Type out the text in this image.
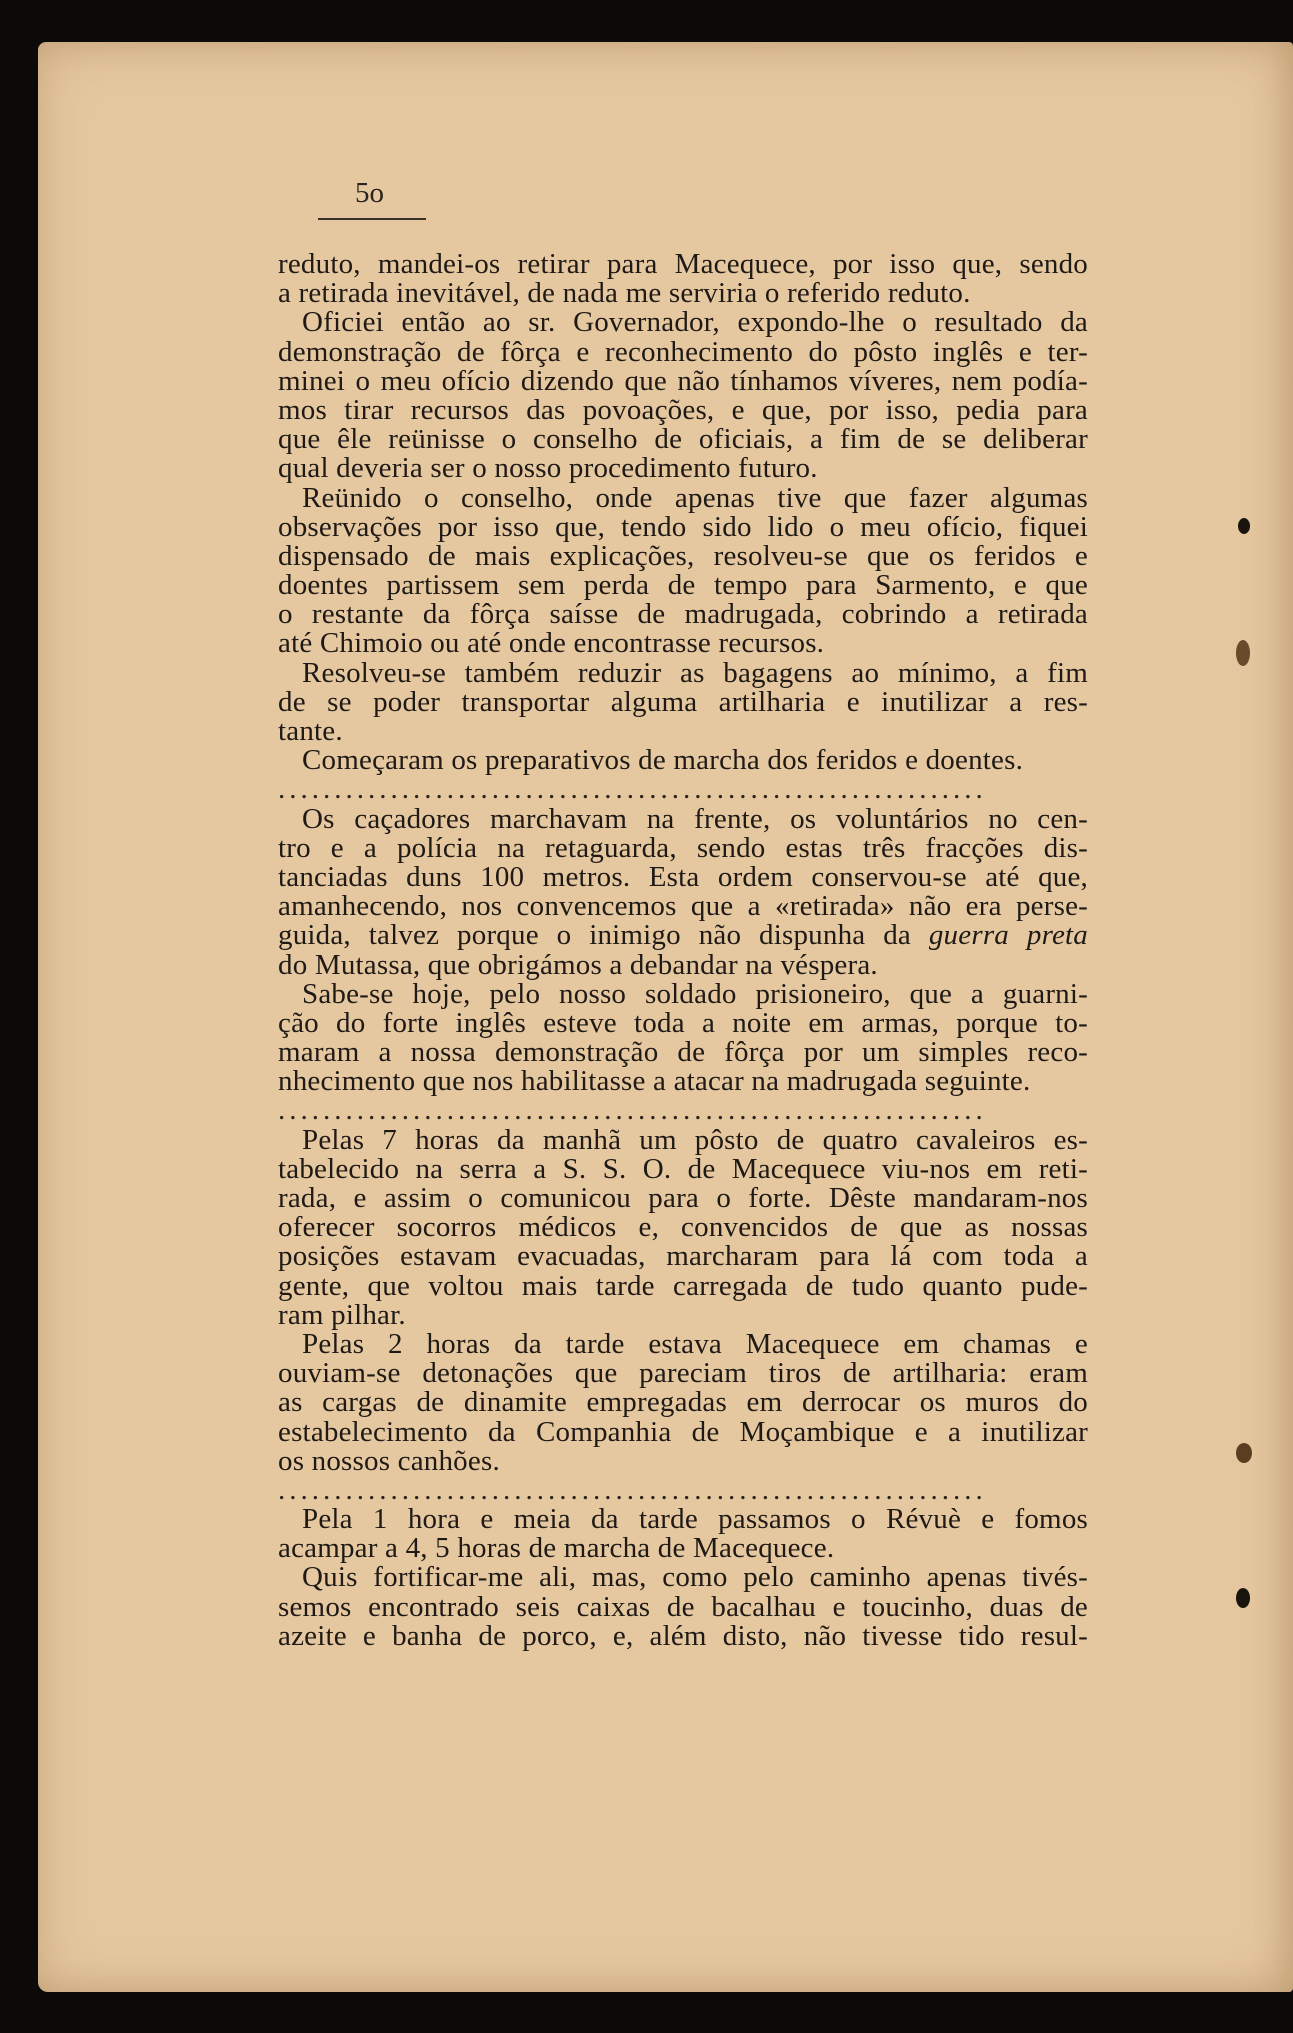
5o
reduto, mandei-os retirar para Macequece, por isso que, sendo
a retirada inevitável, de nada me serviria o referido reduto.
Oficiei então ao sr. Governador, expondo-lhe o resultado da
demonstração de fôrça e reconhecimento do pôsto inglês e ter-
minei o meu ofício dizendo que não tínhamos víveres, nem podía-
mos tirar recursos das povoações, e que, por isso, pedia para
que êle reünisse o conselho de oficiais, a fim de se deliberar
qual deveria ser o nosso procedimento futuro.
Reünido o conselho, onde apenas tive que fazer algumas
observações por isso que, tendo sido lido o meu ofício, fiquei
dispensado de mais explicações, resolveu-se que os feridos e
doentes partissem sem perda de tempo para Sarmento, e que
o restante da fôrça saísse de madrugada, cobrindo a retirada
até Chimoio ou até onde encontrasse recursos.
Resolveu-se também reduzir as bagagens ao mínimo, a fim
de se poder transportar alguma artilharia e inutilizar a res-
tante.
Começaram os preparativos de marcha dos feridos e doentes.
...............................................................
Os caçadores marchavam na frente, os voluntários no cen-
tro e a polícia na retaguarda, sendo estas três fracções dis-
tanciadas duns 100 metros. Esta ordem conservou-se até que,
amanhecendo, nos convencemos que a «retirada» não era perse-
guida, talvez porque o inimigo não dispunha da guerra preta
do Mutassa, que obrigámos a debandar na véspera.
Sabe-se hoje, pelo nosso soldado prisioneiro, que a guarni-
ção do forte inglês esteve toda a noite em armas, porque to-
maram a nossa demonstração de fôrça por um simples reco-
nhecimento que nos habilitasse a atacar na madrugada seguinte.
...............................................................
Pelas 7 horas da manhã um pôsto de quatro cavaleiros es-
tabelecido na serra a S. S. O. de Macequece viu-nos em reti-
rada, e assim o comunicou para o forte. Dêste mandaram-nos
oferecer socorros médicos e, convencidos de que as nossas
posições estavam evacuadas, marcharam para lá com toda a
gente, que voltou mais tarde carregada de tudo quanto pude-
ram pilhar.
Pelas 2 horas da tarde estava Macequece em chamas e
ouviam-se detonações que pareciam tiros de artilharia: eram
as cargas de dinamite empregadas em derrocar os muros do
estabelecimento da Companhia de Moçambique e a inutilizar
os nossos canhões.
...............................................................
Pela 1 hora e meia da tarde passamos o Révuè e fomos
acampar a 4, 5 horas de marcha de Macequece.
Quis fortificar-me ali, mas, como pelo caminho apenas tivés-
semos encontrado seis caixas de bacalhau e toucinho, duas de
azeite e banha de porco, e, além disto, não tivesse tido resul-
